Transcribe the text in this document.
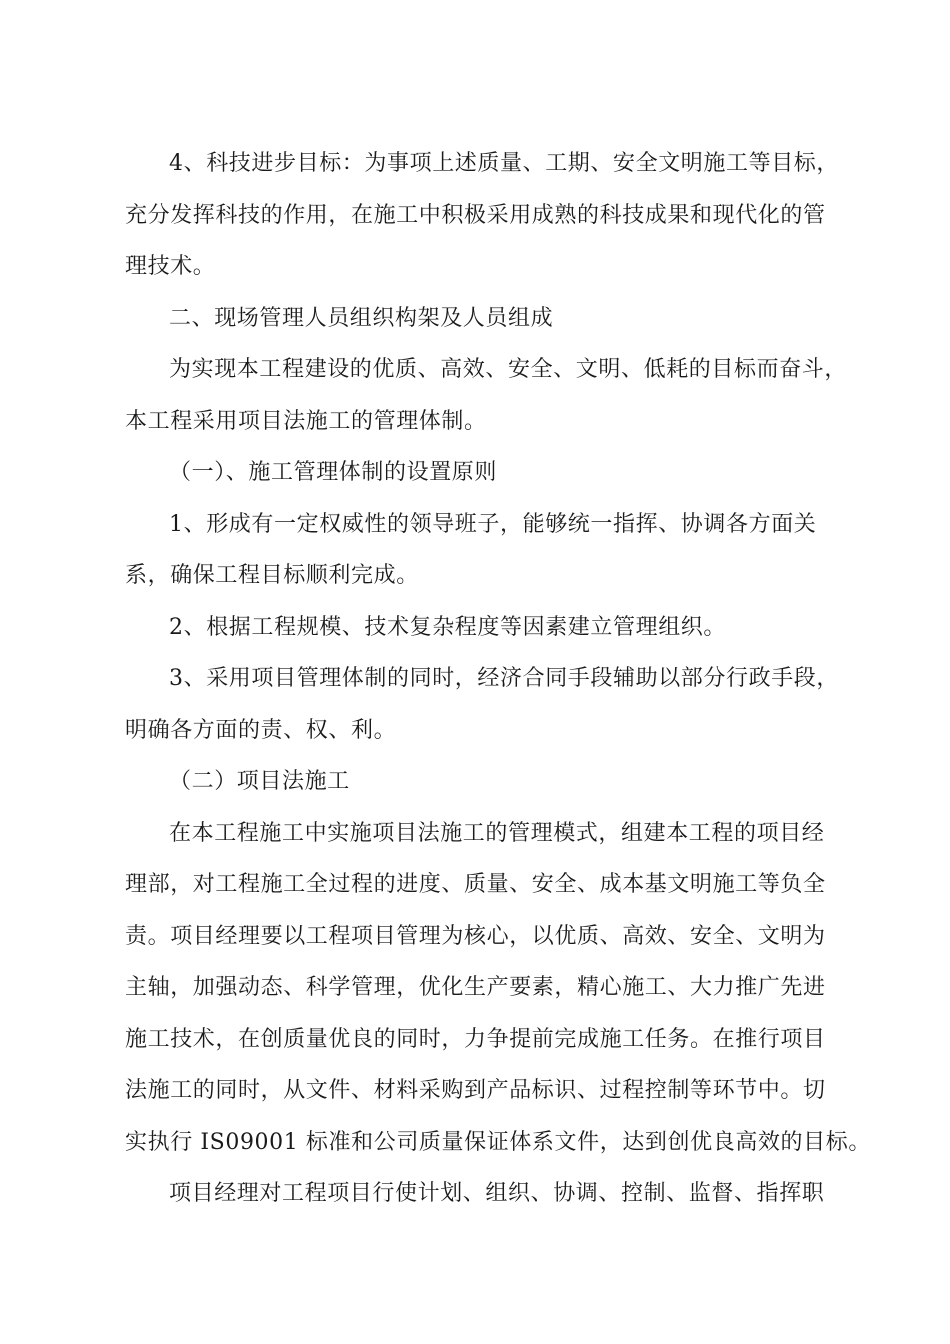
4、科技进步目标：为事项上述质量、工期、安全文明施工等目标，
充分发挥科技的作用，在施工中积极采用成熟的科技成果和现代化的管
理技术。

二、现场管理人员组织构架及人员组成

为实现本工程建设的优质、高效、安全、文明、低耗的目标而奋斗，
本工程采用项目法施工的管理体制。

（一）、施工管理体制的设置原则

1、形成有一定权威性的领导班子，能够统一指挥、协调各方面关
系，确保工程目标顺利完成。

2、根据工程规模、技术复杂程度等因素建立管理组织。

3、采用项目管理体制的同时，经济合同手段辅助以部分行政手段，
明确各方面的责、权、利。

（二）项目法施工

在本工程施工中实施项目法施工的管理模式，组建本工程的项目经
理部，对工程施工全过程的进度、质量、安全、成本基文明施工等负全
责。项目经理要以工程项目管理为核心，以优质、高效、安全、文明为
主轴，加强动态、科学管理，优化生产要素，精心施工、大力推广先进
施工技术，在创质量优良的同时，力争提前完成施工任务。在推行项目
法施工的同时，从文件、材料采购到产品标识、过程控制等环节中。切
实执行 IS09001 标准和公司质量保证体系文件，达到创优良高效的目标。

项目经理对工程项目行使计划、组织、协调、控制、监督、指挥职
